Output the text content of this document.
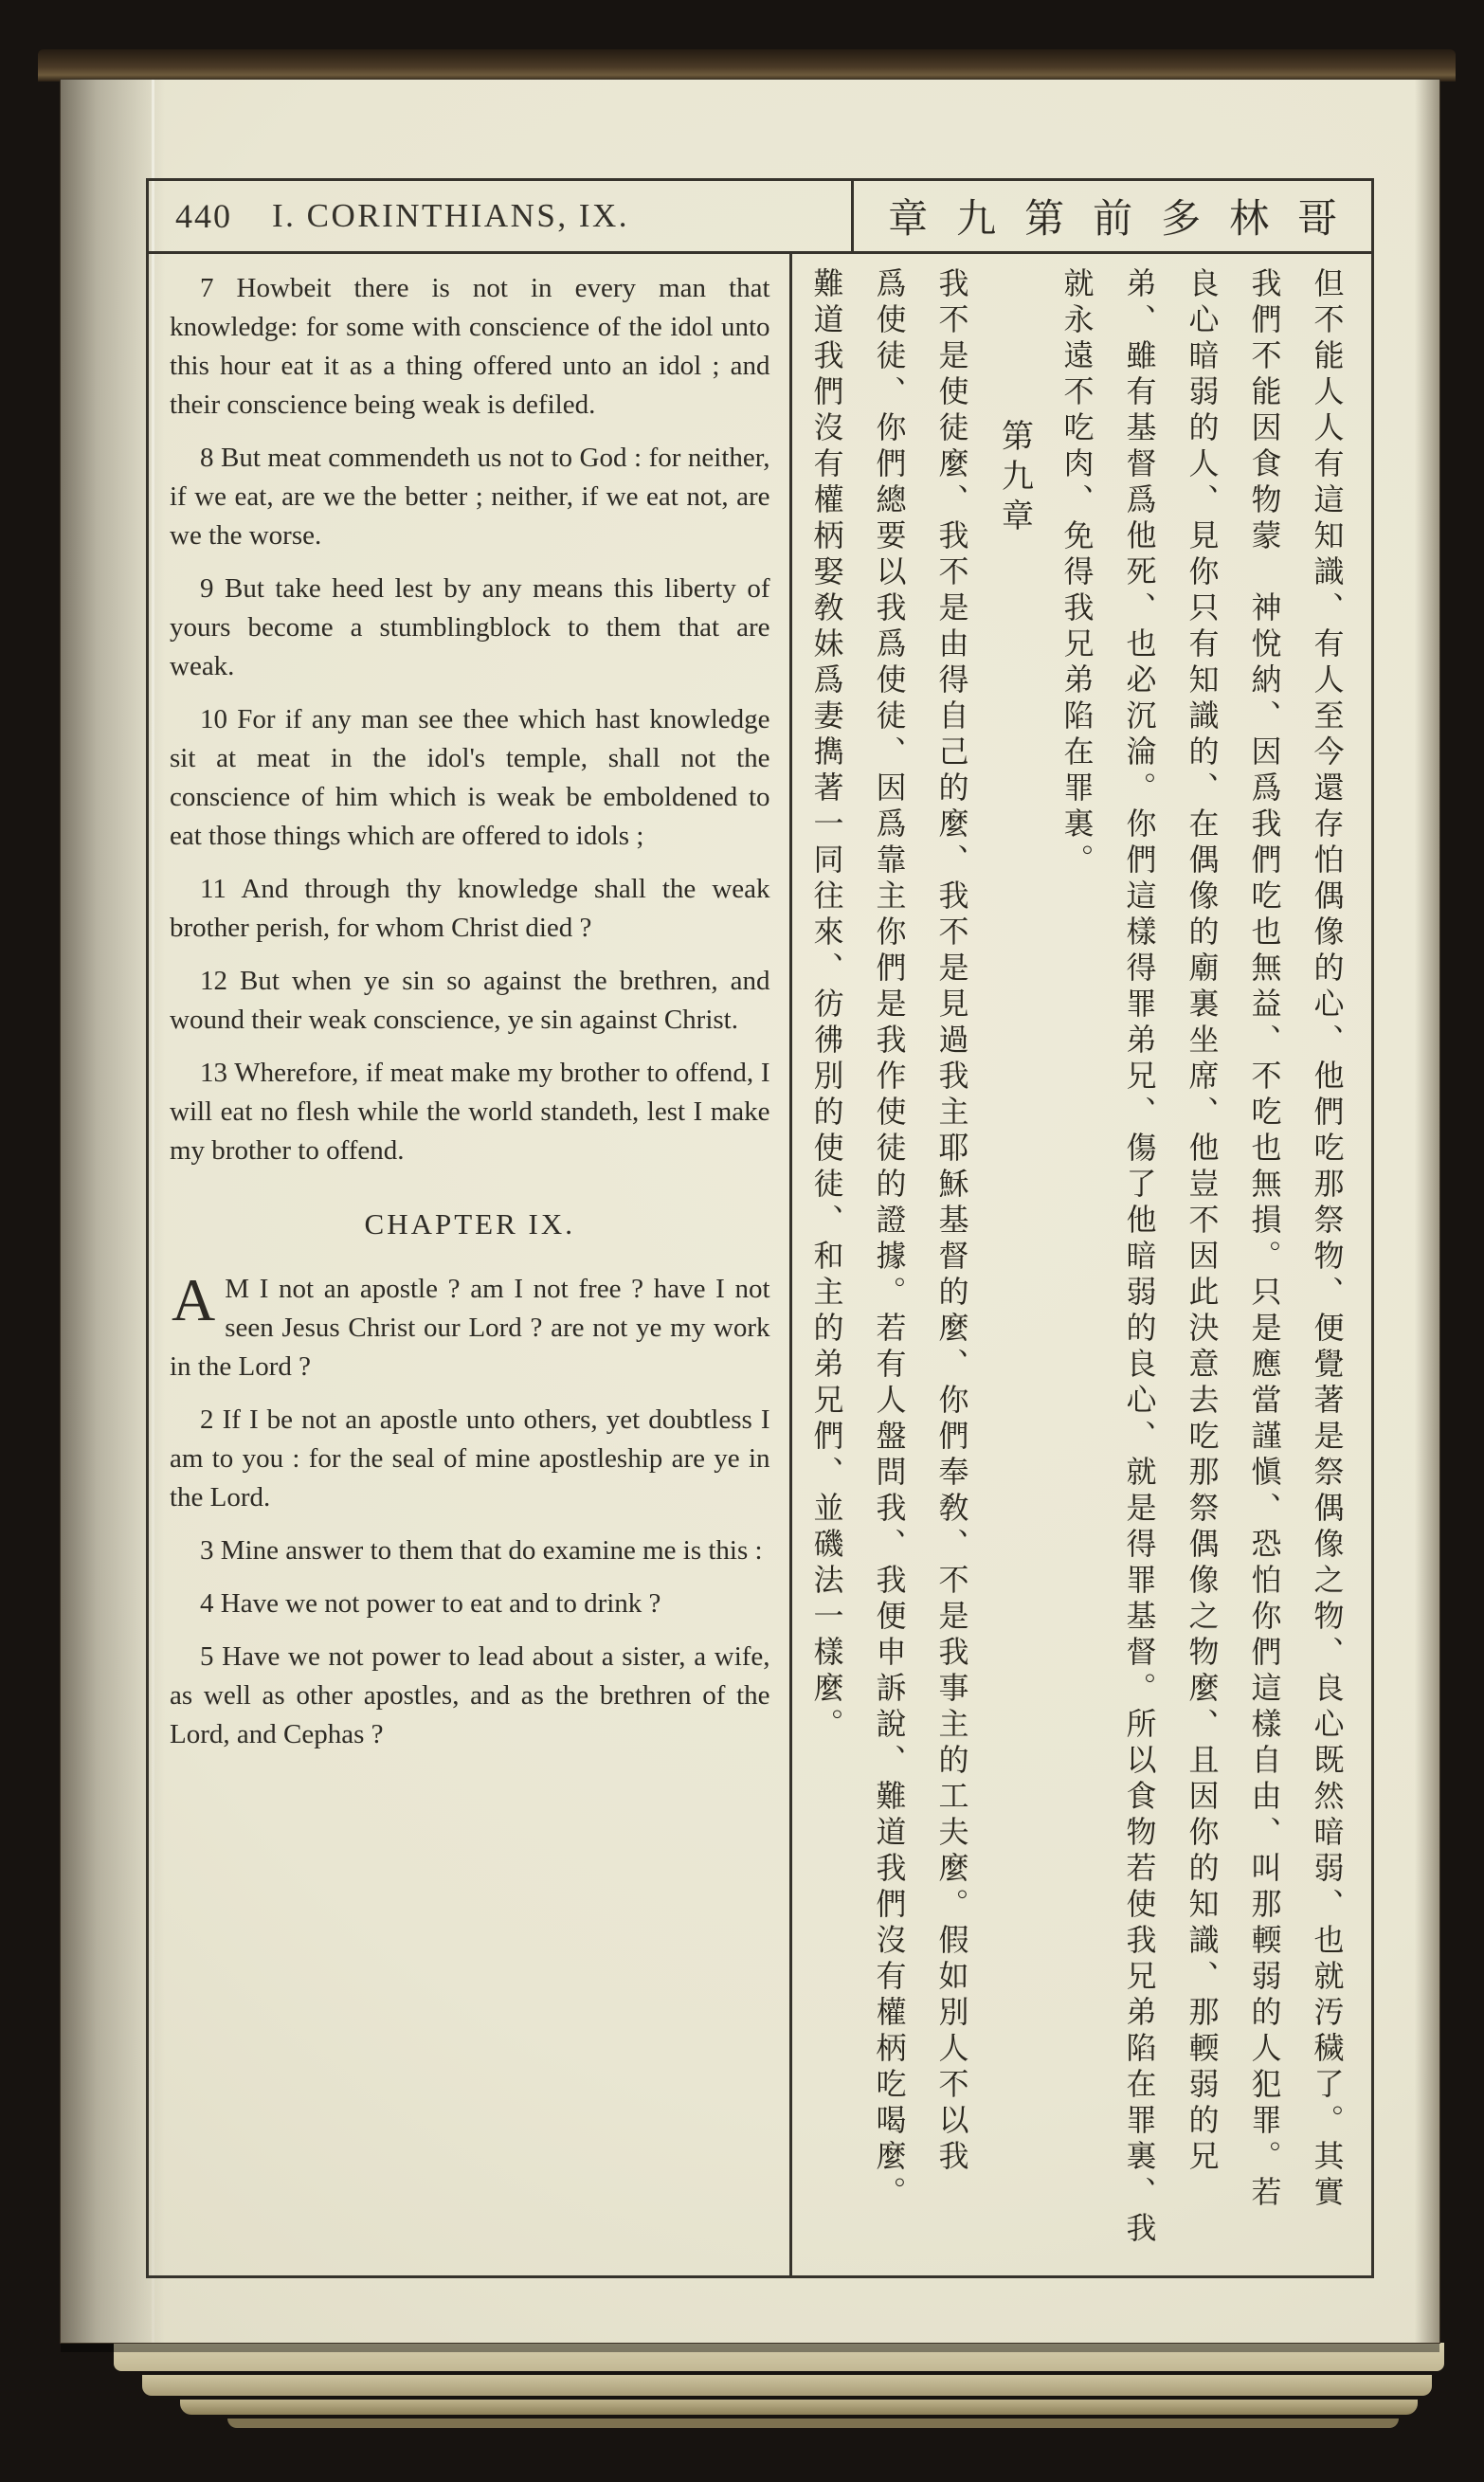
440 I. CORINTHIANS, IX.	章九第前多林哥

7 Howbeit there is not in every man that knowledge: for some with conscience of the idol unto this hour eat it as a thing offered unto an idol ; and their conscience being weak is defiled.

8 But meat commendeth us not to God : for neither, if we eat, are we the better ; neither, if we eat not, are we the worse.

9 But take heed lest by any means this liberty of yours become a stumblingblock to them that are weak.

10 For if any man see thee which hast knowledge sit at meat in the idol's temple, shall not the conscience of him which is weak be emboldened to eat those things which are offered to idols ;

11 And through thy knowledge shall the weak brother perish, for whom Christ died ?

12 But when ye sin so against the brethren, and wound their weak conscience, ye sin against Christ.

13 Wherefore, if meat make my brother to offend, I will eat no flesh while the world standeth, lest I make my brother to offend.

CHAPTER IX.

A M I not an apostle ? am I not free ? have I not seen Jesus Christ our Lord ? are not ye my work in the Lord ?

2 If I be not an apostle unto others, yet doubtless I am to you : for the seal of mine apostleship are ye in the Lord.

3 Mine answer to them that do examine me is this :

4 Have we not power to eat and to drink ?

5 Have we not power to lead about a sister, a wife, as well as other apostles, and as the brethren of the Lord, and Cephas ?	但不能人人有這知識、有人至今還存怕偶像的心、他們吃那祭物、便覺著是祭偶像之物、良心既然暗弱、也就汚穢了。其實
我們不能因食物蒙　神悅納、因爲我們吃也無益、不吃也無損。只是應當謹愼、恐怕你們這樣自由、叫那輭弱的人犯罪。若
良心暗弱的人、見你只有知識的、在偶像的廟裏坐席、他豈不因此決意去吃那祭偶像之物麼、且因你的知識、那輭弱的兄
弟、雖有基督爲他死、也必沉淪。你們這樣得罪弟兄、傷了他暗弱的良心、就是得罪基督。所以食物若使我兄弟陷在罪裏、我
就永遠不吃肉、免得我兄弟陷在罪裏。
第九章
我不是使徒麼、我不是由得自己的麼、我不是見過我主耶穌基督的麼、你們奉敎、不是我事主的工夫麼。假如別人不以我
爲使徒、你們總要以我爲使徒、因爲靠主你們是我作使徒的證據。若有人盤問我、我便申訴說、難道我們沒有權柄吃喝麼。
難道我們沒有權柄娶敎妹爲妻擕著一同往來、彷彿別的使徒、和主的弟兄們、並磯法一樣麼。
